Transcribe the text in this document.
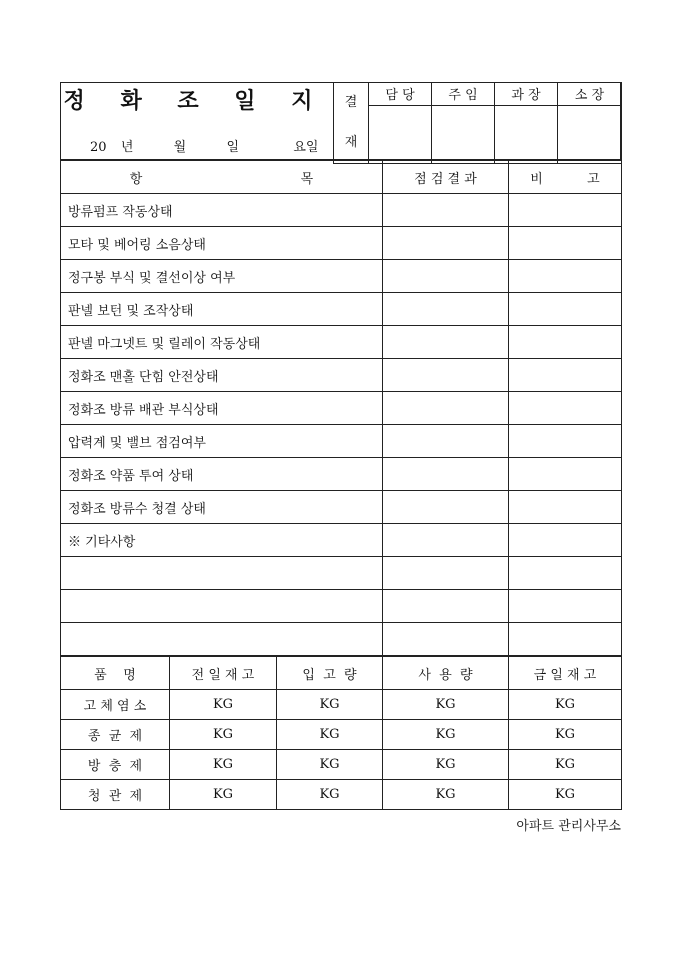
정 화 조 일 지
20 년	월	일	요일
결
재	담 당	주 임	과 장	소 장

항 목	점 검 결 과	비 고
방류펌프 작동상태		
모타 및 베어링 소음상태		
정구봉 부식 및 결선이상 여부		
판넬 보턴 및 조작상태		
판넬 마그넷트 및 릴레이 작동상태		
정화조 맨홀 단힘 안전상태		
정화조 방류 배관 부식상태		
압력계 및 밸브 점검여부		
정화조 약품 투여 상태		
정화조 방류수 청결 상태		
※ 기타사항		

품    명	전 일 재 고	입  고  량	사  용  량	금 일 재 고
고 체 염 소	KG	KG	KG	KG
종  균  제	KG	KG	KG	KG
방  충  제	KG	KG	KG	KG
청  관  제	KG	KG	KG	KG
아파트 관리사무소
